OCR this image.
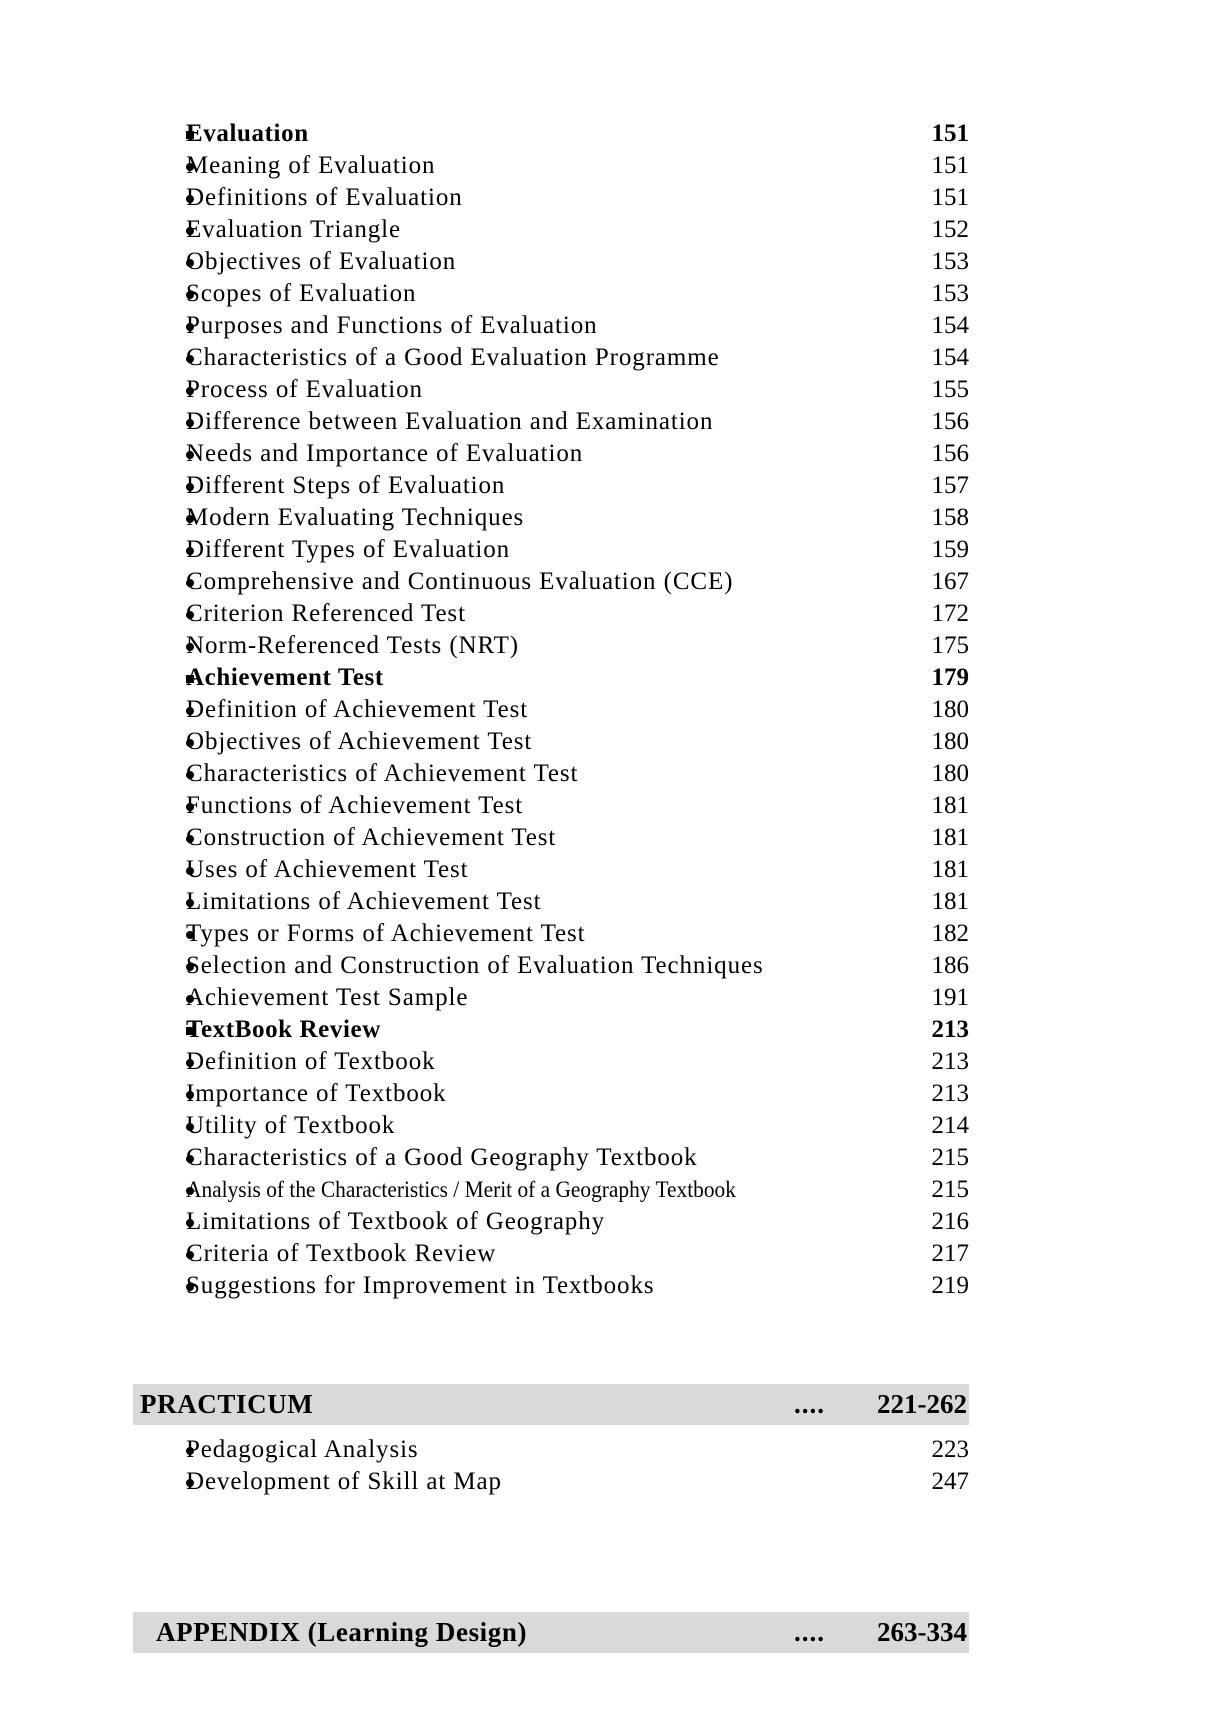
Evaluation	151
Meaning of Evaluation	151
Definitions of Evaluation	151
Evaluation Triangle	152
Objectives of Evaluation	153
Scopes of Evaluation	153
Purposes and Functions of Evaluation	154
Characteristics of a Good Evaluation Programme	154
Process of Evaluation	155
Difference between Evaluation and Examination	156
Needs and Importance of Evaluation	156
Different Steps of Evaluation	157
Modern Evaluating Techniques	158
Different Types of Evaluation	159
Comprehensive and Continuous Evaluation (CCE)	167
Criterion Referenced Test	172
Norm-Referenced Tests (NRT)	175
Achievement Test	179
Definition of Achievement Test	180
Objectives of Achievement Test	180
Characteristics of Achievement Test	180
Functions of Achievement Test	181
Construction of Achievement Test	181
Uses of Achievement Test	181
Limitations of Achievement Test	181
Types or Forms of Achievement Test	182
Selection and Construction of Evaluation Techniques	186
Achievement Test Sample	191
TextBook Review	213
Definition of Textbook	213
Importance of Textbook	213
Utility of Textbook	214
Characteristics of a Good Geography Textbook	215
Analysis of the Characteristics / Merit of a Geography Textbook	215
Limitations of Textbook of Geography	216
Criteria of Textbook Review	217
Suggestions for Improvement in Textbooks	219
PRACTICUM	....	221-262
Pedagogical Analysis	223
Development of Skill at Map	247
APPENDIX (Learning Design)	....	263-334
